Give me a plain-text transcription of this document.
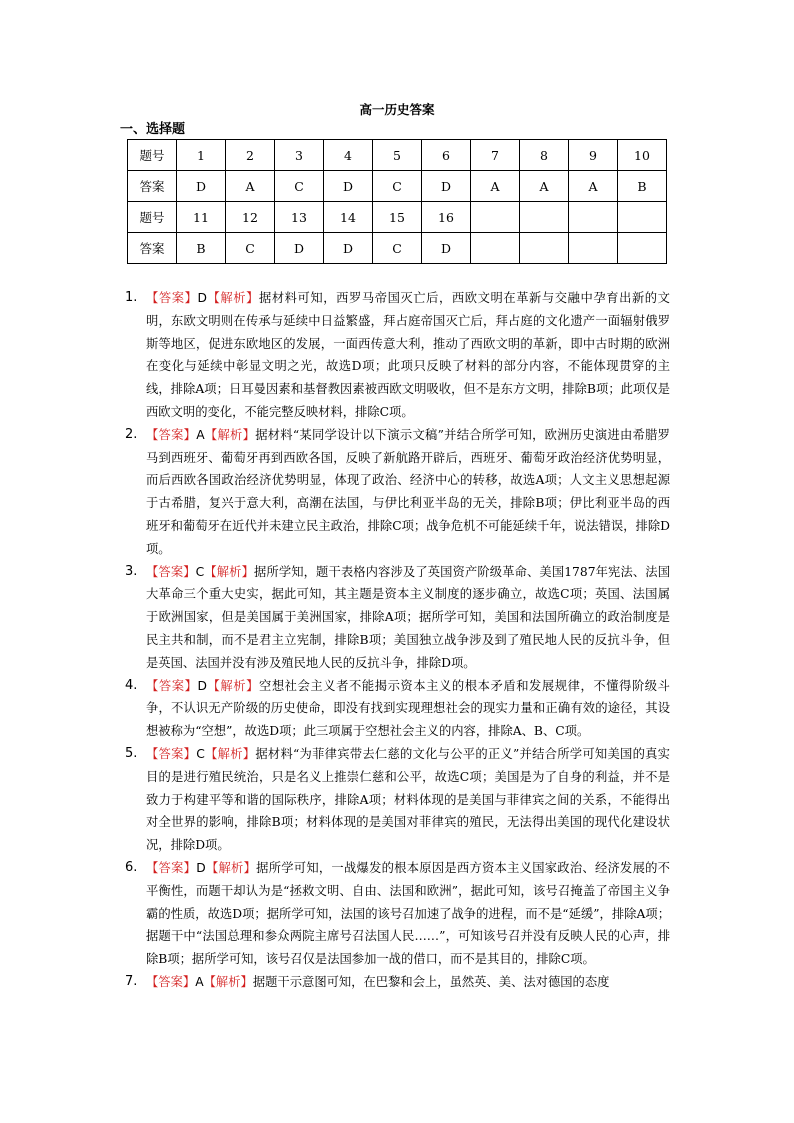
高一历史答案
一、选择题
题号	1	2	3	4	5	6	7	8	9	10
答案	D	A	C	D	C	D	A	A	A	B
题号	11	12	13	14	15	16				
答案	B	C	D	D	C	D				
1. 【答案】D【解析】据材料可知，西罗马帝国灭亡后，西欧文明在革新与交融中孕育出新的文明，东欧文明则在传承与延续中日益繁盛，拜占庭帝国灭亡后，拜占庭的文化遗产一面辐射俄罗斯等地区，促进东欧地区的发展，一面西传意大利，推动了西欧文明的革新，即中古时期的欧洲在变化与延续中彰显文明之光，故选D项；此项只反映了材料的部分内容，不能体现贯穿的主线，排除A项；日耳曼因素和基督教因素被西欧文明吸收，但不是东方文明，排除B项；此项仅是西欧文明的变化，不能完整反映材料，排除C项。
2. 【答案】A【解析】据材料“某同学设计以下演示文稿”并结合所学可知，欧洲历史演进由希腊罗马到西班牙、葡萄牙再到西欧各国，反映了新航路开辟后，西班牙、葡萄牙政治经济优势明显，而后西欧各国政治经济优势明显，体现了政治、经济中心的转移，故选A项；人文主义思想起源于古希腊，复兴于意大利，高潮在法国，与伊比利亚半岛的无关，排除B项；伊比利亚半岛的西班牙和葡萄牙在近代并未建立民主政治，排除C项；战争危机不可能延续千年，说法错误，排除D项。
3. 【答案】C【解析】据所学知，题干表格内容涉及了英国资产阶级革命、美国1787年宪法、法国大革命三个重大史实，据此可知，其主题是资本主义制度的逐步确立，故选C项；英国、法国属于欧洲国家，但是美国属于美洲国家，排除A项；据所学可知，美国和法国所确立的政治制度是民主共和制，而不是君主立宪制，排除B项；美国独立战争涉及到了殖民地人民的反抗斗争，但是英国、法国并没有涉及殖民地人民的反抗斗争，排除D项。
4. 【答案】D【解析】空想社会主义者不能揭示资本主义的根本矛盾和发展规律，不懂得阶级斗争，不认识无产阶级的历史使命，即没有找到实现理想社会的现实力量和正确有效的途径，其设想被称为“空想”，故选D项；此三项属于空想社会主义的内容，排除A、B、C项。
5. 【答案】C【解析】据材料“为菲律宾带去仁慈的文化与公平的正义”并结合所学可知美国的真实目的是进行殖民统治，只是名义上推崇仁慈和公平，故选C项；美国是为了自身的利益，并不是致力于构建平等和谐的国际秩序，排除A项；材料体现的是美国与菲律宾之间的关系，不能得出对全世界的影响，排除B项；材料体现的是美国对菲律宾的殖民，无法得出美国的现代化建设状况，排除D项。
6. 【答案】D【解析】据所学可知，一战爆发的根本原因是西方资本主义国家政治、经济发展的不平衡性，而题干却认为是“拯救文明、自由、法国和欧洲”，据此可知，该号召掩盖了帝国主义争霸的性质，故选D项；据所学可知，法国的该号召加速了战争的进程，而不是“延缓”，排除A项；据题干中“法国总理和参众两院主席号召法国人民……”，可知该号召并没有反映人民的心声，排除B项；据所学可知，该号召仅是法国参加一战的借口，而不是其目的，排除C项。
7. 【答案】A【解析】据题干示意图可知，在巴黎和会上，虽然英、美、法对德国的态度
